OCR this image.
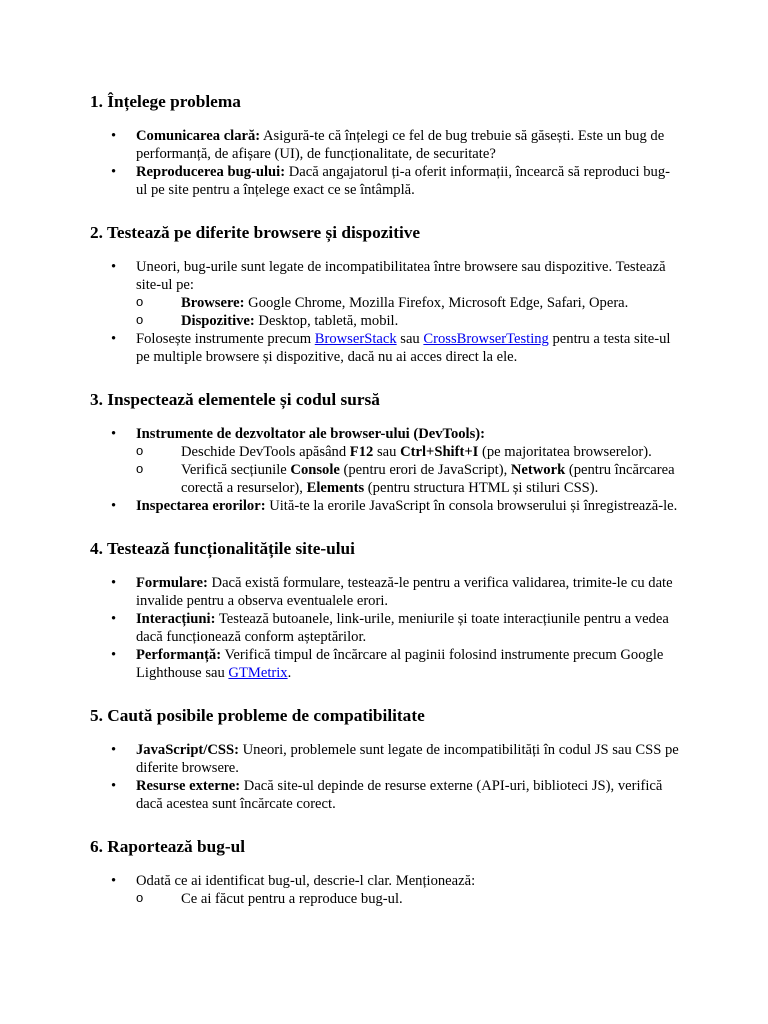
1. Înțelege problema
• Comunicarea clară: Asigură-te că înțelegi ce fel de bug trebuie să găsești. Este un bug de performanță, de afișare (UI), de funcționalitate, de securitate?
• Reproducerea bug-ului: Dacă angajatorul ți-a oferit informații, încearcă să reproduci bug-ul pe site pentru a înțelege exact ce se întâmplă.
2. Testează pe diferite browsere și dispozitive
• Uneori, bug-urile sunt legate de incompatibilitatea între browsere sau dispozitive. Testează site-ul pe:
o	Browsere: Google Chrome, Mozilla Firefox, Microsoft Edge, Safari, Opera.
o	Dispozitive: Desktop, tabletă, mobil.
• Folosește instrumente precum BrowserStack sau CrossBrowserTesting pentru a testa site-ul pe multiple browsere și dispozitive, dacă nu ai acces direct la ele.
3. Inspectează elementele și codul sursă
• Instrumente de dezvoltator ale browser-ului (DevTools):
o	Deschide DevTools apăsând F12 sau Ctrl+Shift+I (pe majoritatea browserelor).
o	Verifică secțiunile Console (pentru erori de JavaScript), Network (pentru încărcarea corectă a resurselor), Elements (pentru structura HTML și stiluri CSS).
• Inspectarea erorilor: Uită-te la erorile JavaScript în consola browserului și înregistrează-le.
4. Testează funcționalitățile site-ului
• Formulare: Dacă există formulare, testează-le pentru a verifica validarea, trimite-le cu date invalide pentru a observa eventualele erori.
• Interacțiuni: Testează butoanele, link-urile, meniurile și toate interacțiunile pentru a vedea dacă funcționează conform așteptărilor.
• Performanță: Verifică timpul de încărcare al paginii folosind instrumente precum Google Lighthouse sau GTMetrix.
5. Caută posibile probleme de compatibilitate
• JavaScript/CSS: Uneori, problemele sunt legate de incompatibilități în codul JS sau CSS pe diferite browsere.
• Resurse externe: Dacă site-ul depinde de resurse externe (API-uri, biblioteci JS), verifică dacă acestea sunt încărcate corect.
6. Raportează bug-ul
• Odată ce ai identificat bug-ul, descrie-l clar. Menționează:
o	Ce ai făcut pentru a reproduce bug-ul.
